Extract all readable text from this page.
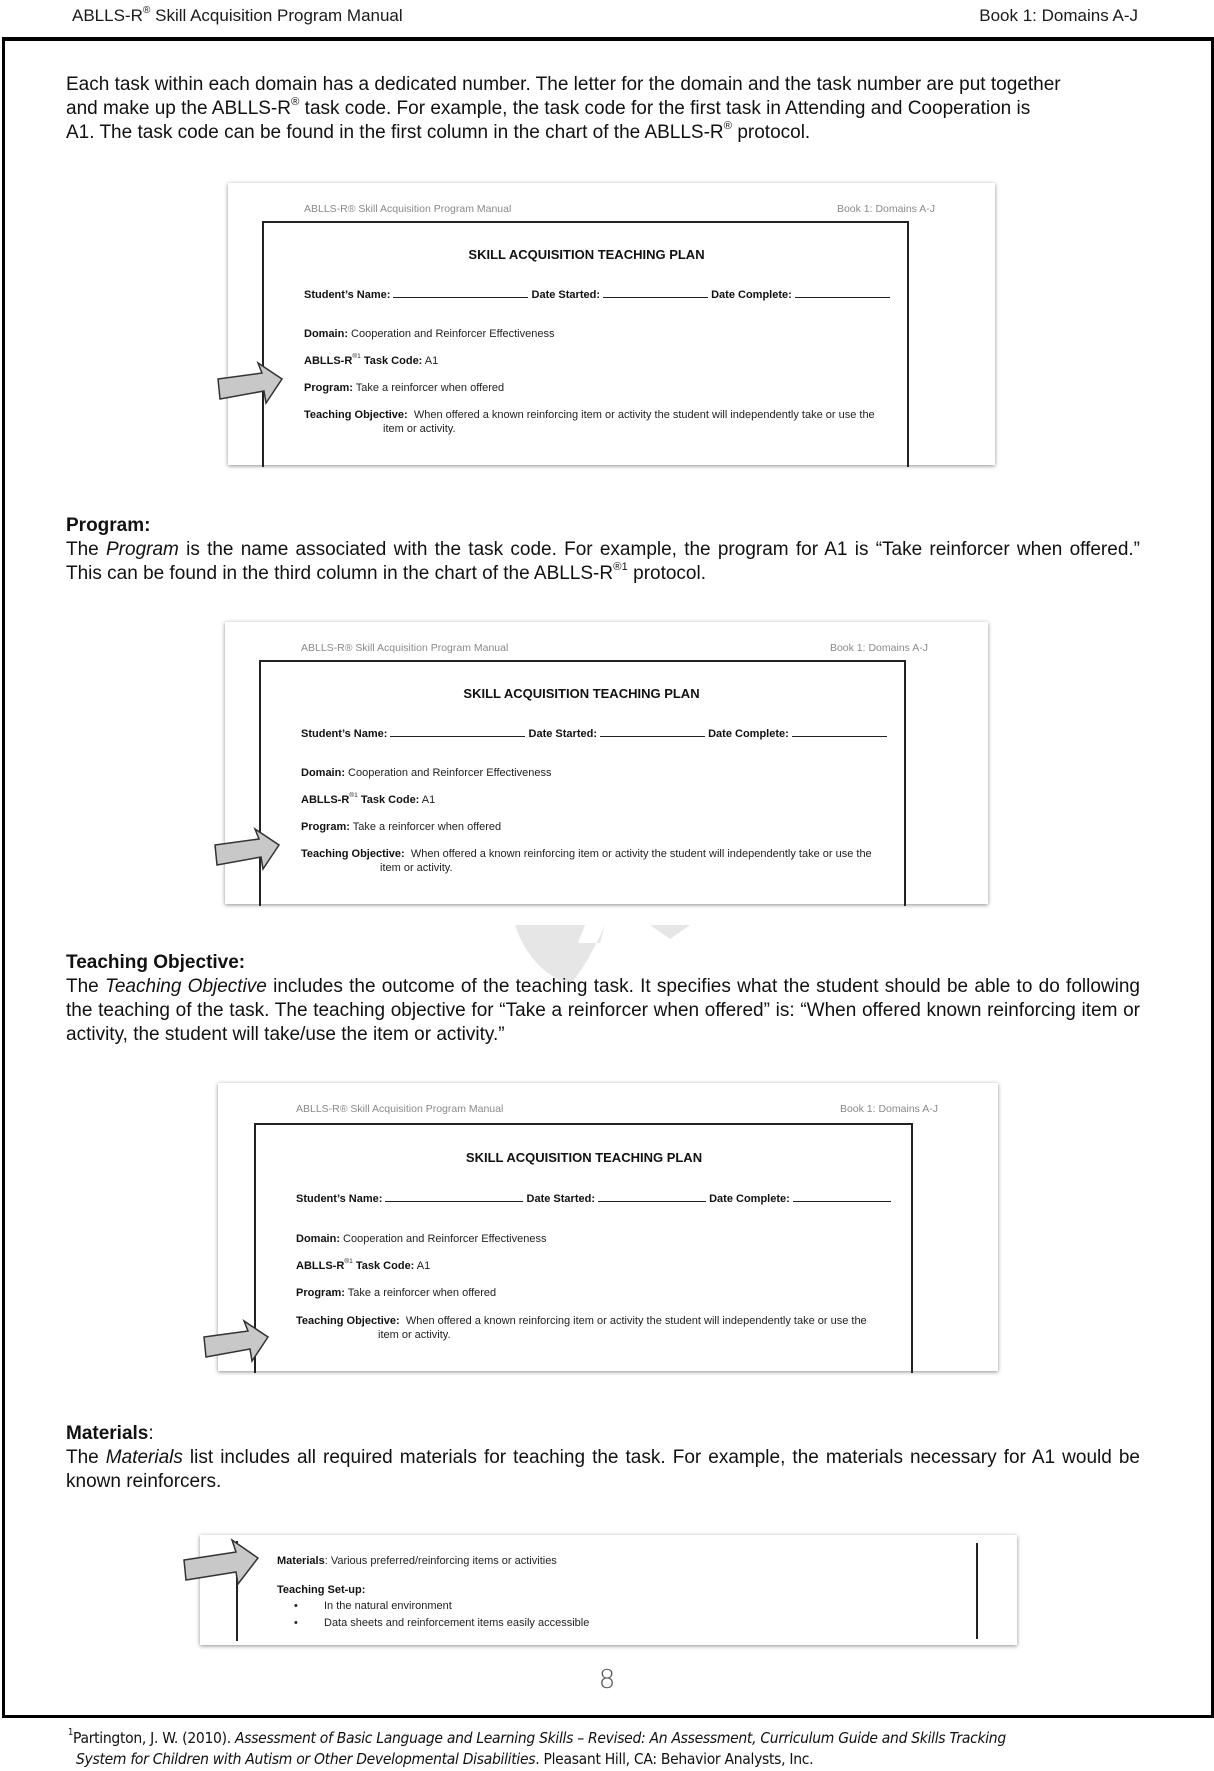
ABLLS-R® Skill Acquisition Program Manual	Book 1: Domains A-J

Each task within each domain has a dedicated number. The letter for the domain and the task number are put together

and make up the ABLLS-R® task code. For example, the task code for the first task in Attending and Cooperation is

A1. The task code can be found in the first column in the chart of the ABLLS-R® protocol.

ABLLS-R® Skill Acquisition Program Manual	Book 1: Domains A-J
SKILL ACQUISITION TEACHING PLAN
Student’s Name:	Date Started:	Date Complete:
Domain: Cooperation and Reinforcer Effectiveness
ABLLS-$R^{®1}$ Task Code: A1
Program: Take a reinforcer when offered
Teaching Objective: When offered a known reinforcing item or activity the student will independently take or use the
item or activity.

Program:

The Program is the name associated with the task code. For example, the program for A1 is “Take reinforcer when offered.” This can be found in the third column in the chart of the ABLLS-$R^{®1}$ protocol.

ABLLS-R® Skill Acquisition Program Manual	Book 1: Domains A-J
SKILL ACQUISITION TEACHING PLAN
Student’s Name:	Date Started:	Date Complete:
Domain: Cooperation and Reinforcer Effectiveness
ABLLS-$R^{®1}$ Task Code: A1
Program: Take a reinforcer when offered
Teaching Objective: When offered a known reinforcing item or activity the student will independently take or use the
item or activity.

Teaching Objective:

The Teaching Objective includes the outcome of the teaching task. It specifies what the student should be able to do following the teaching of the task. The teaching objective for “Take a reinforcer when offered” is: “When offered known reinforcing item or activity, the student will take/use the item or activity.”

ABLLS-R® Skill Acquisition Program Manual	Book 1: Domains A-J
SKILL ACQUISITION TEACHING PLAN
Student’s Name:	Date Started:	Date Complete:
Domain: Cooperation and Reinforcer Effectiveness
ABLLS-$R^{®1}$ Task Code: A1
Program: Take a reinforcer when offered
Teaching Objective: When offered a known reinforcing item or activity the student will independently take or use the
item or activity.

Materials:

The Materials list includes all required materials for teaching the task. For example, the materials necessary for A1 would be known reinforcers.

Materials: Various preferred/reinforcing items or activities
Teaching Set-up:
• In the natural environment
• Data sheets and reinforcement items easily accessible
8
$^1$Partington, J. W. (2010). Assessment of Basic Language and Learning Skills – Revised: An Assessment, Curriculum Guide and Skills Tracking
System for Children with Autism or Other Developmental Disabilities. Pleasant Hill, CA: Behavior Analysts, Inc.
